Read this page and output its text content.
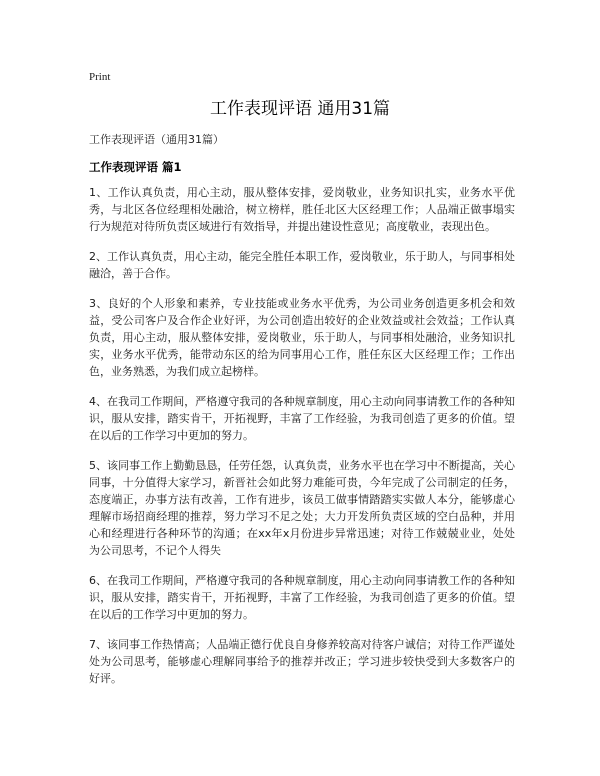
Print
工作表现评语 通用31篇
工作表现评语（通用31篇）
工作表现评语 篇1

1、工作认真负责，用心主动，服从整体安排，爱岗敬业，业务知识扎实，业务水平优秀，与北区各位经理相处融洽，树立榜样，胜任北区大区经理工作；人品端正做事塌实行为规范对待所负责区域进行有效指导，并提出建设性意见；高度敬业，表现出色。

2、工作认真负责，用心主动，能完全胜任本职工作，爱岗敬业，乐于助人，与同事相处融洽，善于合作。

3、良好的个人形象和素养，专业技能或业务水平优秀，为公司业务创造更多机会和效益，受公司客户及合作企业好评，为公司创造出较好的企业效益或社会效益；工作认真负责，用心主动，服从整体安排，爱岗敬业，乐于助人，与同事相处融洽，业务知识扎实，业务水平优秀，能带动东区的给为同事用心工作，胜任东区大区经理工作；工作出色，业务熟悉，为我们成立起榜样。

4、在我司工作期间，严格遵守我司的各种规章制度，用心主动向同事请教工作的各种知识，服从安排，踏实肯干，开拓视野，丰富了工作经验，为我司创造了更多的价值。望在以后的工作学习中更加的努力。

5、该同事工作上勤勤恳恳，任劳任怨，认真负责，业务水平也在学习中不断提高，关心同事，十分值得大家学习，新晋社会如此努力难能可贵，今年完成了公司制定的任务，态度端正，办事方法有改善，工作有进步，该员工做事情踏踏实实做人本分，能够虚心理解市场招商经理的推荐，努力学习不足之处；大力开发所负责区域的空白品种，并用心和经理进行各种环节的沟通；在xx年x月份进步异常迅速；对待工作兢兢业业，处处为公司思考，不记个人得失

6、在我司工作期间，严格遵守我司的各种规章制度，用心主动向同事请教工作的各种知识，服从安排，踏实肯干，开拓视野，丰富了工作经验，为我司创造了更多的价值。望在以后的工作学习中更加的努力。

7、该同事工作热情高；人品端正德行优良自身修养较高对待客户诚信；对待工作严谨处处为公司思考，能够虚心理解同事给予的推荐并改正；学习进步较快受到大多数客户的好评。
